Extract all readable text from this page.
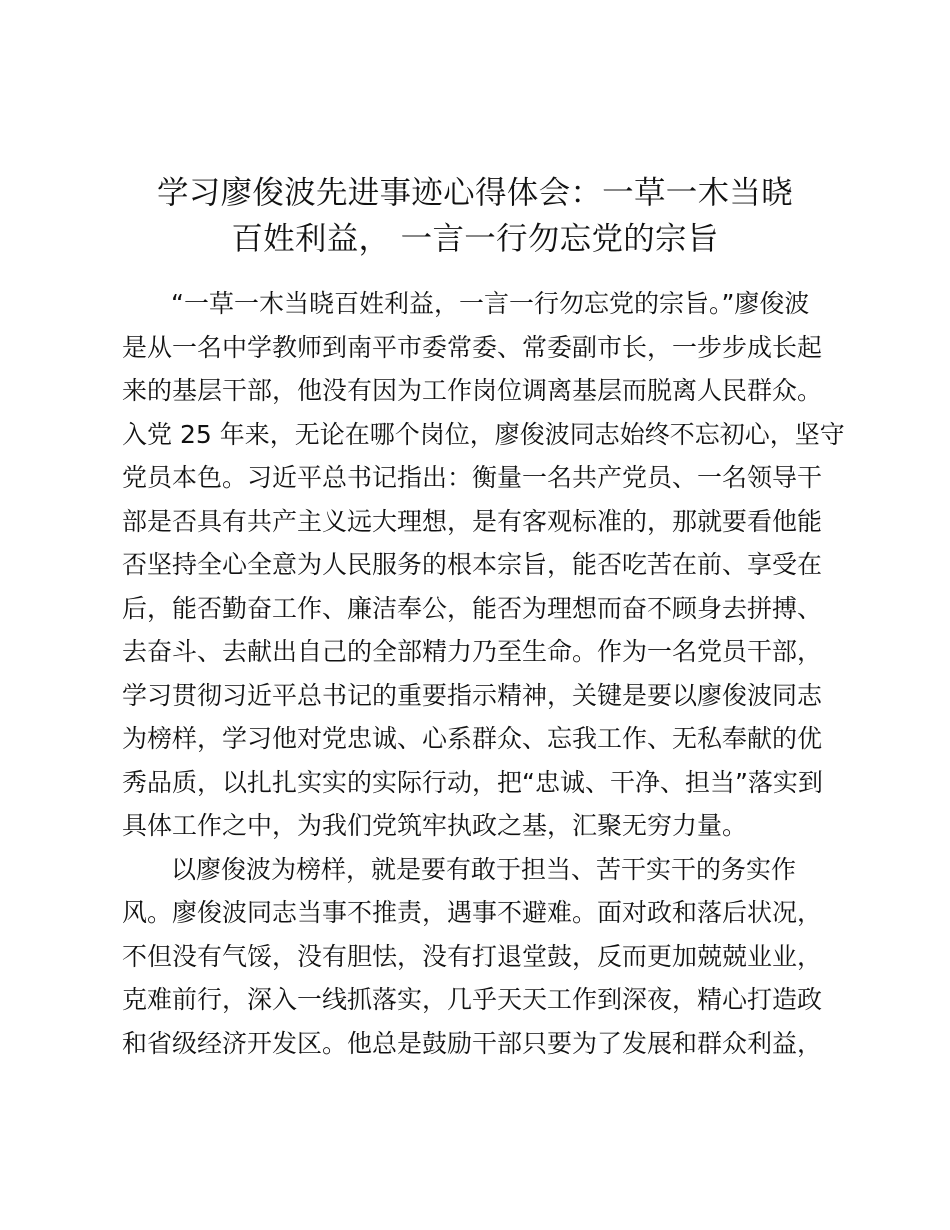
学习廖俊波先进事迹心得体会：一草一木当晓
百姓利益， 一言一行勿忘党的宗旨

“一草一木当晓百姓利益，一言一行勿忘党的宗旨。”廖俊波

是从一名中学教师到南平市委常委、常委副市长，一步步成长起

来的基层干部，他没有因为工作岗位调离基层而脱离人民群众。

入党 25 年来，无论在哪个岗位，廖俊波同志始终不忘初心，坚守

党员本色。习近平总书记指出：衡量一名共产党员、一名领导干

部是否具有共产主义远大理想，是有客观标准的，那就要看他能

否坚持全心全意为人民服务的根本宗旨，能否吃苦在前、享受在

后，能否勤奋工作、廉洁奉公，能否为理想而奋不顾身去拼搏、

去奋斗、去献出自己的全部精力乃至生命。作为一名党员干部，

学习贯彻习近平总书记的重要指示精神，关键是要以廖俊波同志

为榜样，学习他对党忠诚、心系群众、忘我工作、无私奉献的优

秀品质，以扎扎实实的实际行动，把“忠诚、干净、担当”落实到

具体工作之中，为我们党筑牢执政之基，汇聚无穷力量。

以廖俊波为榜样，就是要有敢于担当、苦干实干的务实作

风。廖俊波同志当事不推责，遇事不避难。面对政和落后状况，

不但没有气馁，没有胆怯，没有打退堂鼓，反而更加兢兢业业，

克难前行，深入一线抓落实，几乎天天工作到深夜，精心打造政

和省级经济开发区。他总是鼓励干部只要为了发展和群众利益，
